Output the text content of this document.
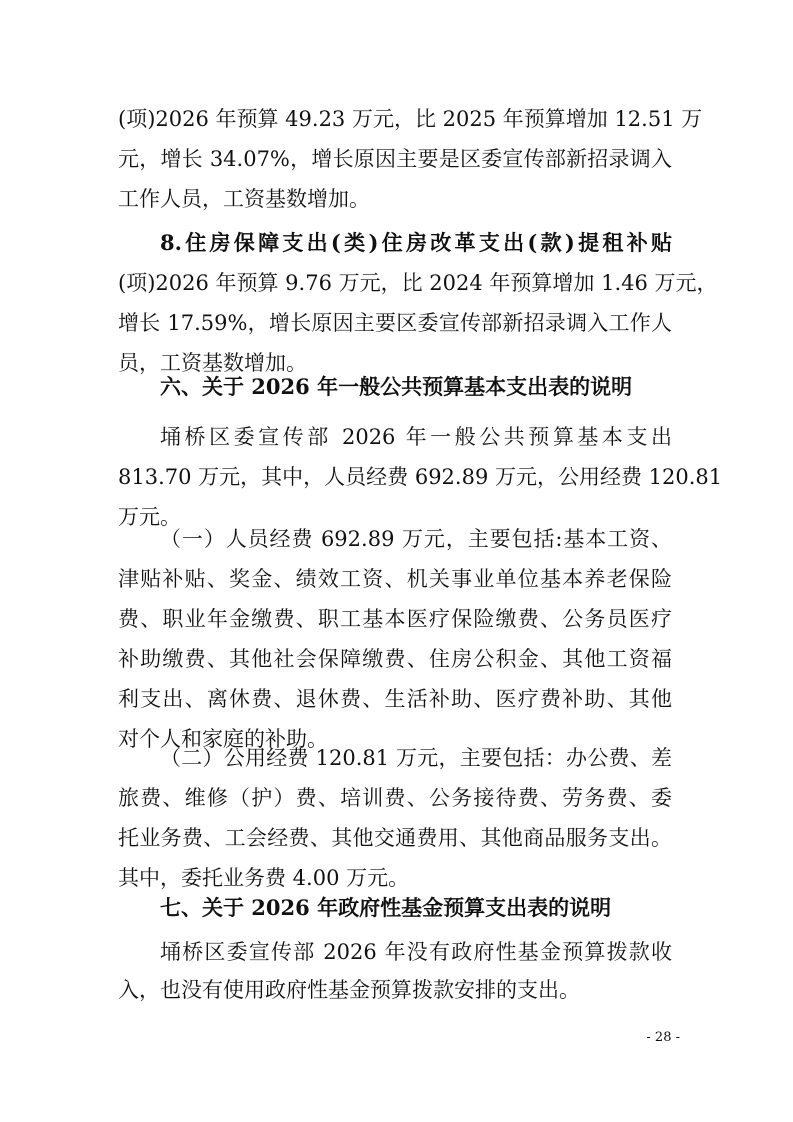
(项)2026 年预算 49.23 万元，比 2025 年预算增加 12.51 万
元，增长 34.07%，增长原因主要是区委宣传部新招录调入
工作人员，工资基数增加。
8.住房保障支出(类)住房改革支出(款)提租补贴
(项)2026 年预算 9.76 万元，比 2024 年预算增加 1.46 万元，
增长 17.59%，增长原因主要区委宣传部新招录调入工作人
员，工资基数增加。
六、关于 2026 年一般公共预算基本支出表的说明
埇桥区委宣传部 2026 年一般公共预算基本支出
813.70 万元，其中，人员经费 692.89 万元，公用经费 120.81
万元。
（一）人员经费 692.89 万元，主要包括:基本工资、
津贴补贴、奖金、绩效工资、机关事业单位基本养老保险
费、职业年金缴费、职工基本医疗保险缴费、公务员医疗
补助缴费、其他社会保障缴费、住房公积金、其他工资福
利支出、离休费、退休费、生活补助、医疗费补助、其他
对个人和家庭的补助。
（二）公用经费 120.81 万元，主要包括：办公费、差
旅费、维修（护）费、培训费、公务接待费、劳务费、委
托业务费、工会经费、其他交通费用、其他商品服务支出。
其中，委托业务费 4.00 万元。
七、关于 2026 年政府性基金预算支出表的说明
埇桥区委宣传部 2026 年没有政府性基金预算拨款收
入，也没有使用政府性基金预算拨款安排的支出。
- 28 -
